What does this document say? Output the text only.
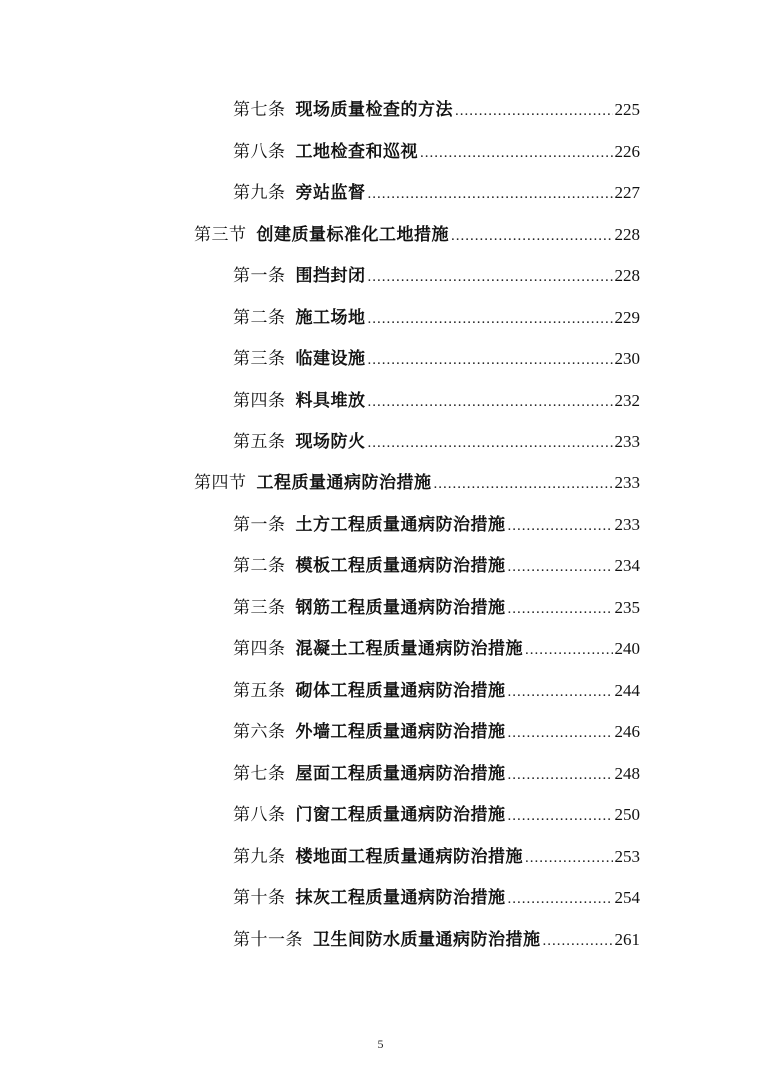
第七条 现场质量检查的方法 .....	225
第八条 工地检查和巡视 .....	226
第九条 旁站监督 .....	227
第三节 创建质量标准化工地措施 .....	228
第一条 围挡封闭 .....	228
第二条 施工场地 .....	229
第三条 临建设施 .....	230
第四条 料具堆放 .....	232
第五条 现场防火 .....	233
第四节 工程质量通病防治措施 .....	233
第一条 土方工程质量通病防治措施 .....	233
第二条 模板工程质量通病防治措施 .....	234
第三条 钢筋工程质量通病防治措施 .....	235
第四条 混凝土工程质量通病防治措施 .....	240
第五条 砌体工程质量通病防治措施 .....	244
第六条 外墙工程质量通病防治措施 .....	246
第七条 屋面工程质量通病防治措施 .....	248
第八条 门窗工程质量通病防治措施 .....	250
第九条 楼地面工程质量通病防治措施 .....	253
第十条 抹灰工程质量通病防治措施 .....	254
第十一条 卫生间防水质量通病防治措施 .....	261
5
